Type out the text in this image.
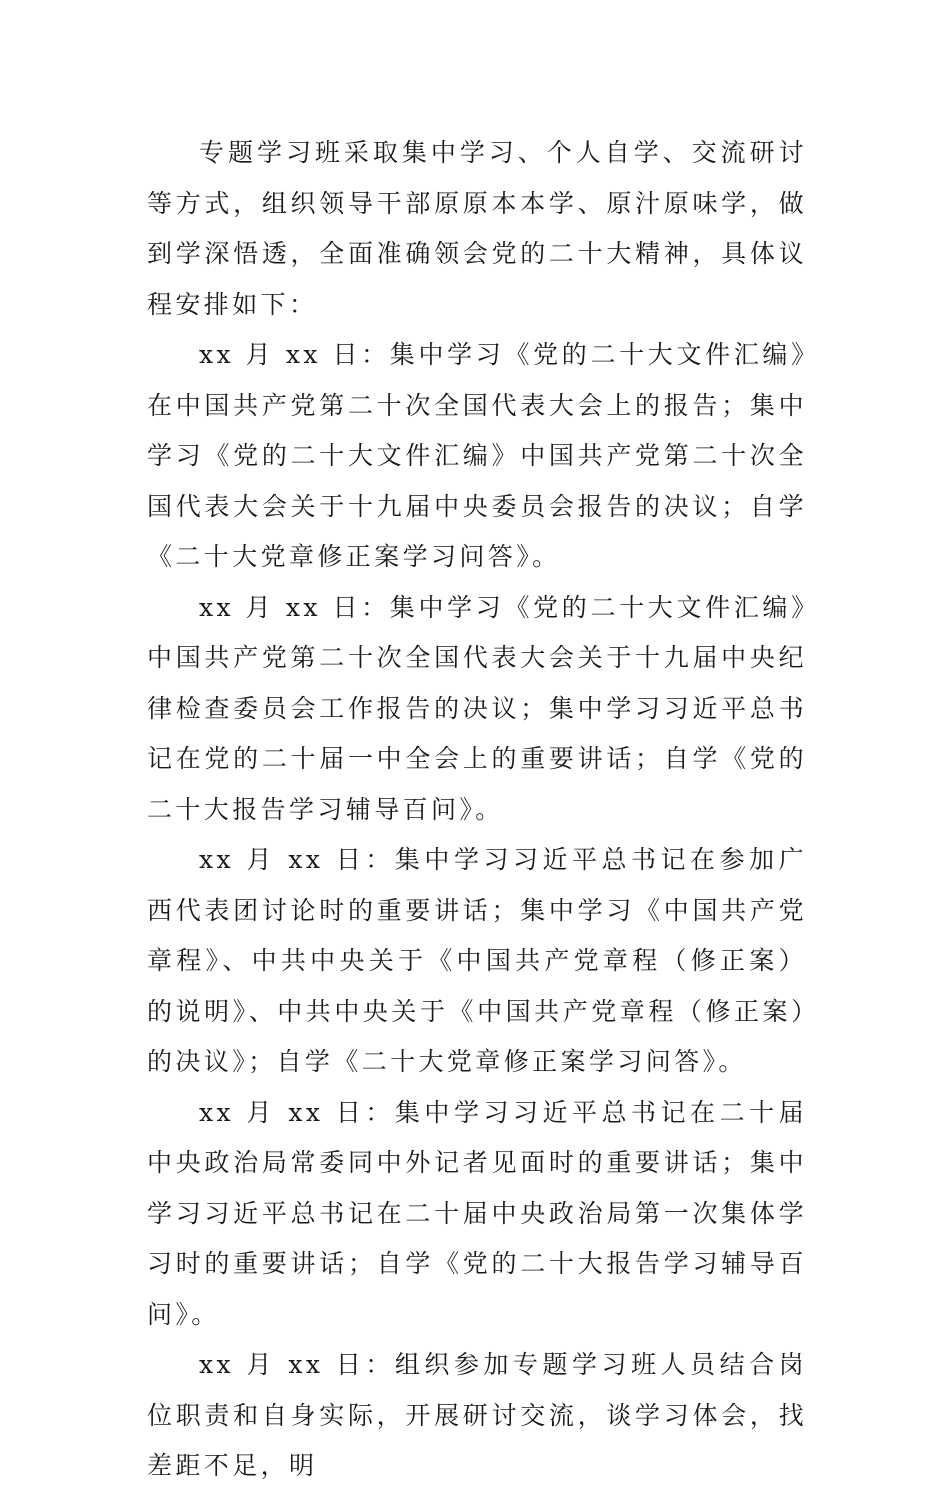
专题学习班采取集中学习、个人自学、交流研讨等方式，组织领导干部原原本本学、原汁原味学，做到学深悟透，全面准确领会党的二十大精神，具体议程安排如下：

xx 月 xx 日：集中学习《党的二十大文件汇编》在中国共产党第二十次全国代表大会上的报告；集中学习《党的二十大文件汇编》中国共产党第二十次全国代表大会关于十九届中央委员会报告的决议；自学《二十大党章修正案学习问答》。

xx 月 xx 日：集中学习《党的二十大文件汇编》中国共产党第二十次全国代表大会关于十九届中央纪律检查委员会工作报告的决议；集中学习习近平总书记在党的二十届一中全会上的重要讲话；自学《党的二十大报告学习辅导百问》。

xx 月 xx 日：集中学习习近平总书记在参加广西代表团讨论时的重要讲话；集中学习《中国共产党章程》、中共中央关于《中国共产党章程（修正案）的说明》、中共中央关于《中国共产党章程（修正案）的决议》；自学《二十大党章修正案学习问答》。

xx 月 xx 日：集中学习习近平总书记在二十届中央政治局常委同中外记者见面时的重要讲话；集中学习习近平总书记在二十届中央政治局第一次集体学习时的重要讲话；自学《党的二十大报告学习辅导百问》。

xx 月 xx 日：组织参加专题学习班人员结合岗位职责和自身实际，开展研讨交流，谈学习体会，找差距不足，明
